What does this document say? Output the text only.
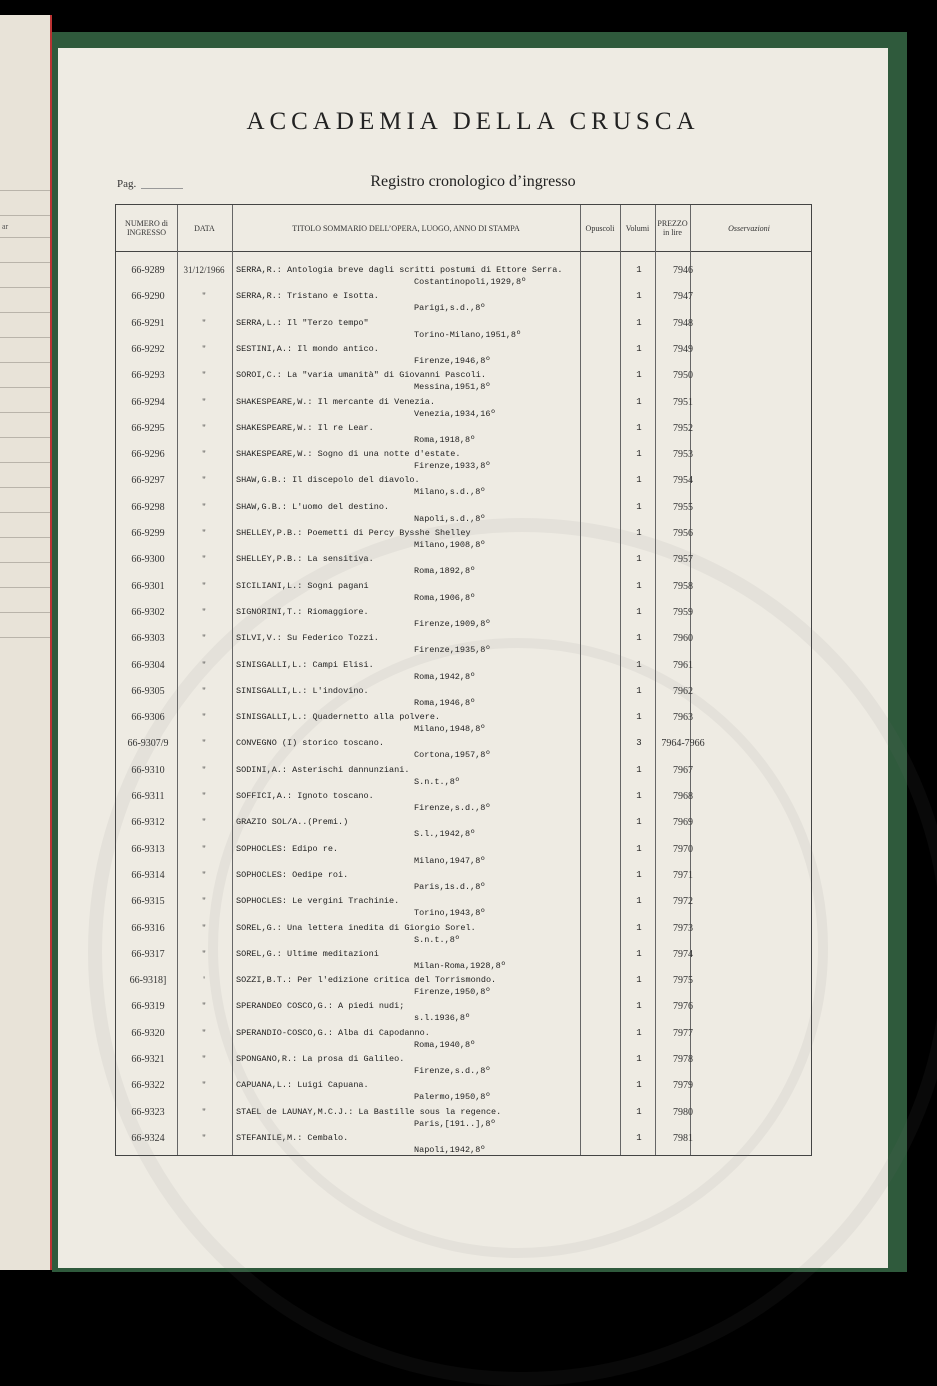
ar
ACCADEMIA DELLA CRUSCA
Pag.	Registro cronologico d’ingresso
NUMERO di INGRESSO	DATA	TITOLO SOMMARIO DELL’OPERA, LUOGO, ANNO DI STAMPA	Opuscoli	Volumi	PREZZO in lire	Osservazioni
66-9289	31/12/1966	SERRA,R.: Antologia breve dagli scritti postumi di Ettore Serra.
Costantinopoli,1929,8º
1	7946
66-9290	"	SERRA,R.: Tristano e Isotta.
Parigi,s.d.,8º
1	7947
66-9291	"	SERRA,L.: Il "Terzo tempo"
Torino-Milano,1951,8º
1	7948
66-9292	"	SESTINI,A.: Il mondo antico.
Firenze,1946,8º
1	7949
66-9293	"	SOROI,C.: La "varia umanità" di Giovanni Pascoli.
Messina,1951,8º
1	7950
66-9294	"	SHAKESPEARE,W.: Il mercante di Venezia.
Venezia,1934,16º
1	7951
66-9295	"	SHAKESPEARE,W.: Il re Lear.
Roma,1918,8º
1	7952
66-9296	"	SHAKESPEARE,W.: Sogno di una notte d'estate.
Firenze,1933,8º
1	7953
66-9297	"	SHAW,G.B.: Il discepolo del diavolo.
Milano,s.d.,8º
1	7954
66-9298	"	SHAW,G.B.: L'uomo del destino.
Napoli,s.d.,8º
1	7955
66-9299	"	SHELLEY,P.B.: Poemetti di Percy Bysshe Shelley
Milano,1908,8º
1	7956
66-9300	"	SHELLEY,P.B.: La sensitiva.
Roma,1892,8º
1	7957
66-9301	"	SICILIANI,L.: Sogni pagani
Roma,1906,8º
1	7958
66-9302	"	SIGNORINI,T.: Riomaggiore.
Firenze,1909,8º
1	7959
66-9303	"	SILVI,V.: Su Federico Tozzi.
Firenze,1935,8º
1	7960
66-9304	"	SINISGALLI,L.: Campi Elisi.
Roma,1942,8º
1	7961
66-9305	"	SINISGALLI,L.: L'indovino.
Roma,1946,8º
1	7962
66-9306	"	SINISGALLI,L.: Quadernetto alla polvere.
Milano,1948,8º
1	7963
66-9307/9	"	CONVEGNO (I) storico toscano.
Cortona,1957,8º
3	7964-7966
66-9310	"	SODINI,A.: Asterischi dannunziani.
S.n.t.,8º
1	7967
66-9311	"	SOFFICI,A.: Ignoto toscano.
Firenze,s.d.,8º
1	7968
66-9312	"	GRAZIO SOL/A..(Premi.)
S.l.,1942,8º
1	7969
66-9313	"	SOPHOCLES: Edipo re.
Milano,1947,8º
1	7970
66-9314	"	SOPHOCLES: Oedipe roi.
Paris,1s.d.,8º
1	7971
66-9315	"	SOPHOCLES: Le vergini Trachinie.
Torino,1943,8º
1	7972
66-9316	"	SOREL,G.: Una lettera inedita di Giorgio Sorel.
S.n.t.,8º
1	7973
66-9317	"	SOREL,G.: Ultime meditazioni
Milan-Roma,1928,8º
1	7974
66-9318]	'	SOZZI,B.T.: Per l'edizione critica del Torrismondo.
Firenze,1950,8º
1	7975
66-9319	"	SPERANDEO COSCO,G.: A piedi nudi;
s.l.1936,8º
1	7976
66-9320	"	SPERANDIO-COSCO,G.: Alba di Capodanno.
Roma,1940,8º
1	7977
66-9321	"	SPONGANO,R.: La prosa di Galileo.
Firenze,s.d.,8º
1	7978
66-9322	"	CAPUANA,L.: Luigi Capuana.
Palermo,1950,8º
1	7979
66-9323	"	STAEL de LAUNAY,M.C.J.: La Bastille sous la regence.
Paris,[191..],8º
1	7980
66-9324	"	STEFANILE,M.: Cembalo.
Napoli,1942,8º
1	7981
